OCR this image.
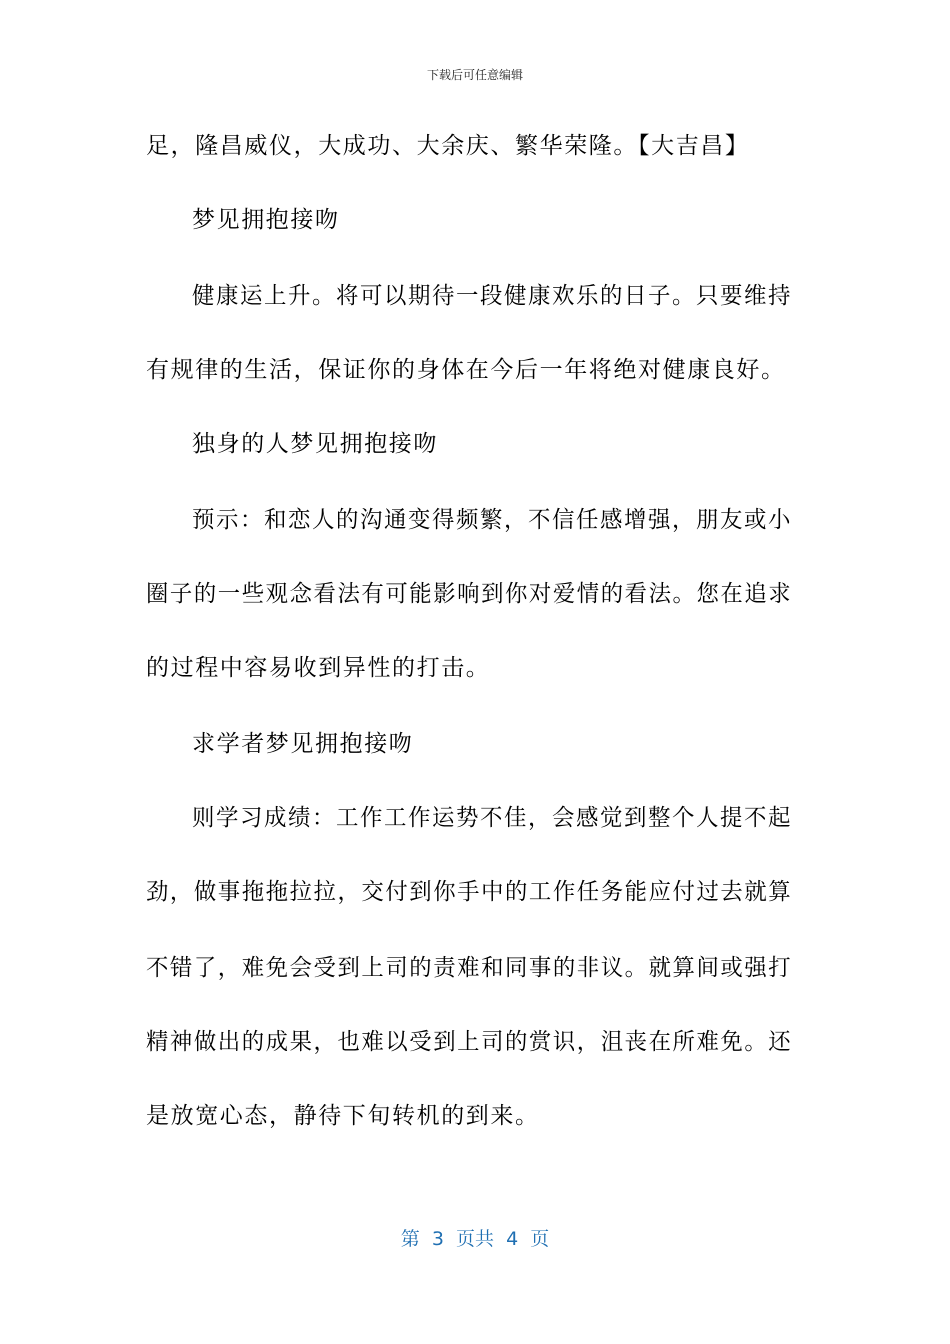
下载后可任意编辑
足，隆昌威仪，大成功、大余庆、繁华荣隆。【大吉昌】
梦见拥抱接吻
健康运上升。将可以期待一段健康欢乐的日子。只要维持
有规律的生活，保证你的身体在今后一年将绝对健康良好。
独身的人梦见拥抱接吻
预示：和恋人的沟通变得频繁，不信任感增强，朋友或小
圈子的一些观念看法有可能影响到你对爱情的看法。您在追求
的过程中容易收到异性的打击。
求学者梦见拥抱接吻
则学习成绩：工作工作运势不佳，会感觉到整个人提不起
劲，做事拖拖拉拉，交付到你手中的工作任务能应付过去就算
不错了，难免会受到上司的责难和同事的非议。就算间或强打
精神做出的成果，也难以受到上司的赏识，沮丧在所难免。还
是放宽心态，静待下旬转机的到来。
第  3  页共  4  页
